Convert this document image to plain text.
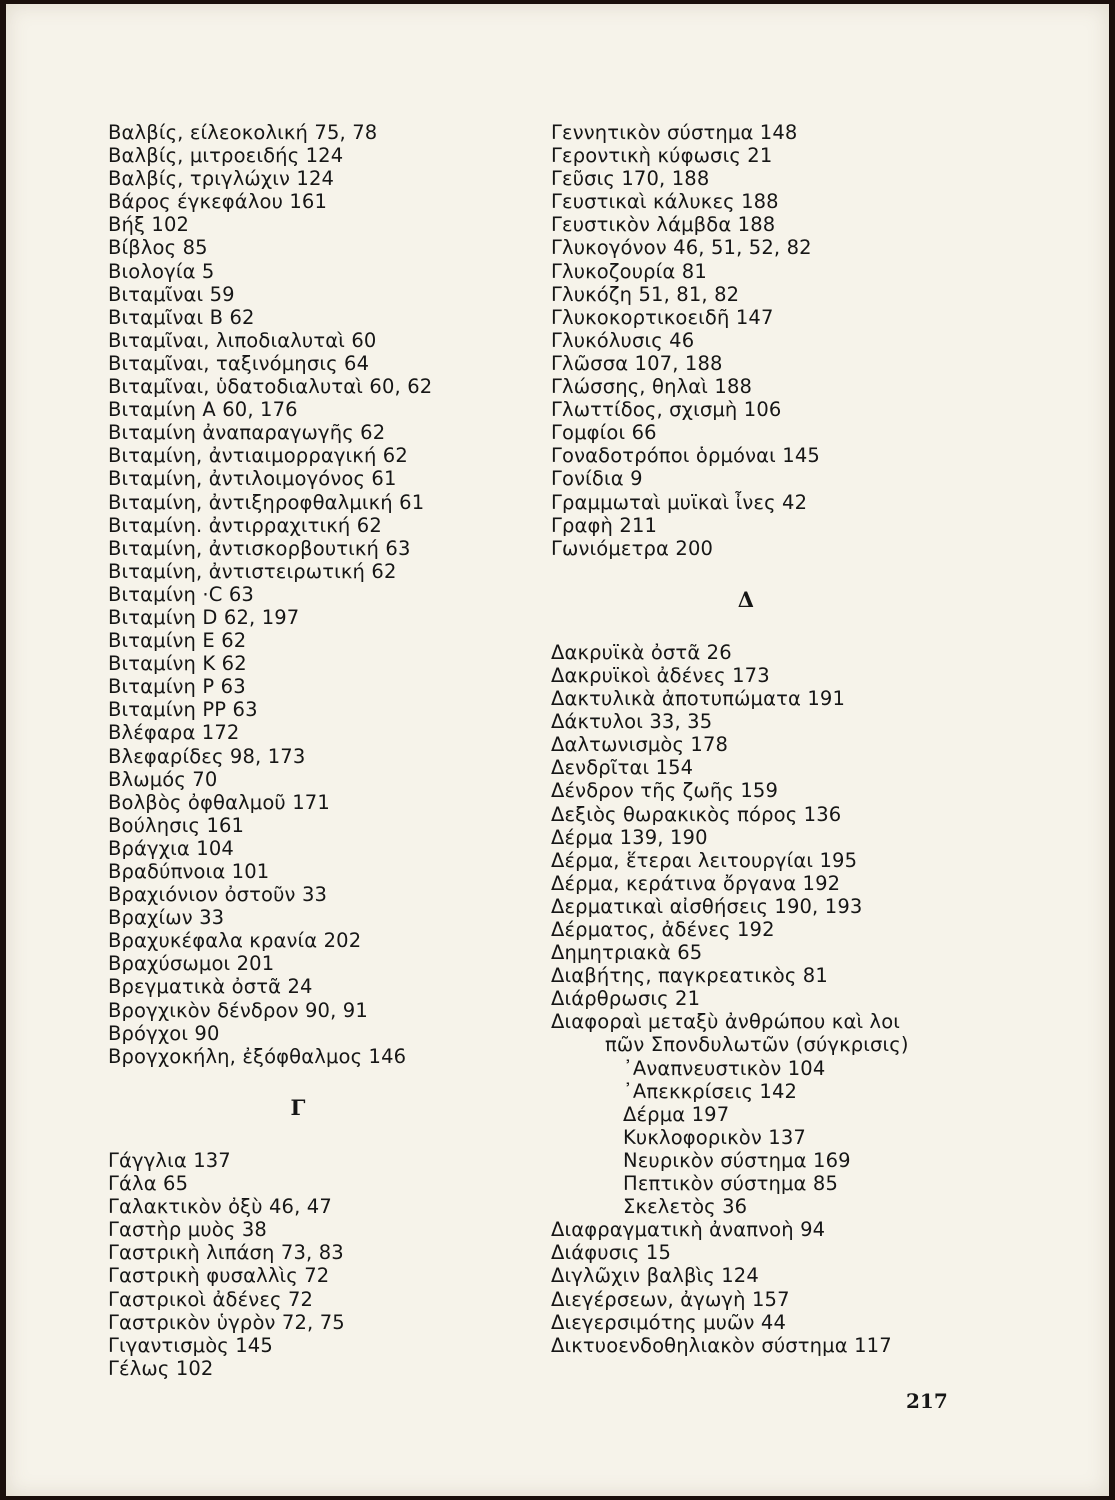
Βαλβίς, είλεοκολική 75, 78
Βαλβίς, μιτροειδής 124
Βαλβίς, τριγλώχιν 124
Βάρος έγκεφάλου 161
Βήξ 102
Βίβλος 85
Βιολογία 5
Βιταμῖναι 59
Βιταμῖναι B 62
Βιταμῖναι, λιποδιαλυταὶ 60
Βιταμῖναι, ταξινόμησις 64
Βιταμῖναι, ὑδατοδιαλυταὶ 60, 62
Βιταμίνη A 60, 176
Βιταμίνη ἀναπαραγωγῆς 62
Βιταμίνη, ἀντιαιμορραγική 62
Βιταμίνη, ἀντιλοιμογόνος 61
Βιταμίνη, ἀντιξηροφθαλμική 61
Βιταμίνη. ἀντιρραχιτική 62
Βιταμίνη, ἀντισκορβουτική 63
Βιταμίνη, ἀντιστειρωτική 62
Βιταμίνη ·C 63
Βιταμίνη D 62, 197
Βιταμίνη E 62
Βιταμίνη K 62
Βιταμίνη P 63
Βιταμίνη PP 63
Βλέφαρα 172
Βλεφαρίδες 98, 173
Βλωμός 70
Βολβὸς ὀφθαλμοῦ 171
Βούλησις 161
Βράγχια 104
Βραδύπνοια 101
Βραχιόνιον ὀστοῦν 33
Βραχίων 33
Βραχυκέφαλα κρανία 202
Βραχύσωμοι 201
Βρεγματικὰ ὀστᾶ 24
Βρογχικὸν δένδρον 90, 91
Βρόγχοι 90
Βρογχοκήλη, ἐξόφθαλμος 146
Γ
Γάγγλια 137
Γάλα 65
Γαλακτικὸν ὀξὺ 46, 47
Γαστὴρ μυὸς 38
Γαστρικὴ λιπάση 73, 83
Γαστρικὴ φυσαλλὶς 72
Γαστρικοὶ ἀδένες 72
Γαστρικὸν ὑγρὸν 72, 75
Γιγαντισμὸς 145
Γέλως 102
Γεννητικὸν σύστημα 148
Γεροντικὴ κύφωσις 21
Γεῦσις 170, 188
Γευστικαὶ κάλυκες 188
Γευστικὸν λάμβδα 188
Γλυκογόνον 46, 51, 52, 82
Γλυκοζουρία 81
Γλυκόζη 51, 81, 82
Γλυκοκορτικοειδῆ 147
Γλυκόλυσις 46
Γλῶσσα 107, 188
Γλώσσης, θηλαὶ 188
Γλωττίδος, σχισμὴ 106
Γομφίοι 66
Γοναδοτρόποι ὁρμόναι 145
Γονίδια 9
Γραμμωταὶ μυϊκαὶ ἶνες 42
Γραφὴ 211
Γωνιόμετρα 200
Δ
Δακρυϊκὰ ὀστᾶ 26
Δακρυϊκοὶ ἀδένες 173
Δακτυλικὰ ἀποτυπώματα 191
Δάκτυλοι 33, 35
Δαλτωνισμὸς 178
Δενδρῖται 154
Δένδρον τῆς ζωῆς 159
Δεξιὸς θωρακικὸς πόρος 136
Δέρμα 139, 190
Δέρμα, ἕτεραι λειτουργίαι 195
Δέρμα, κεράτινα ὄργανα 192
Δερματικαὶ αἰσθήσεις 190, 193
Δέρματος, ἀδένες 192
Δημητριακὰ 65
Διαβήτης, παγκρεατικὸς 81
Διάρθρωσις 21
Διαφοραὶ μεταξὺ ἀνθρώπου καὶ λοι
πῶν Σπονδυλωτῶν (σύγκρισις)
᾿Αναπνευστικὸν 104
᾿Απεκκρίσεις 142
Δέρμα 197
Κυκλοφορικὸν 137
Νευρικὸν σύστημα 169
Πεπτικὸν σύστημα 85
Σκελετὸς 36
Διαφραγματικὴ ἀναπνοὴ 94
Διάφυσις 15
Διγλῶχιν βαλβὶς 124
Διεγέρσεων, ἀγωγὴ 157
Διεγερσιμότης μυῶν 44
Δικτυοενδοθηλιακὸν σύστημα 117
217
